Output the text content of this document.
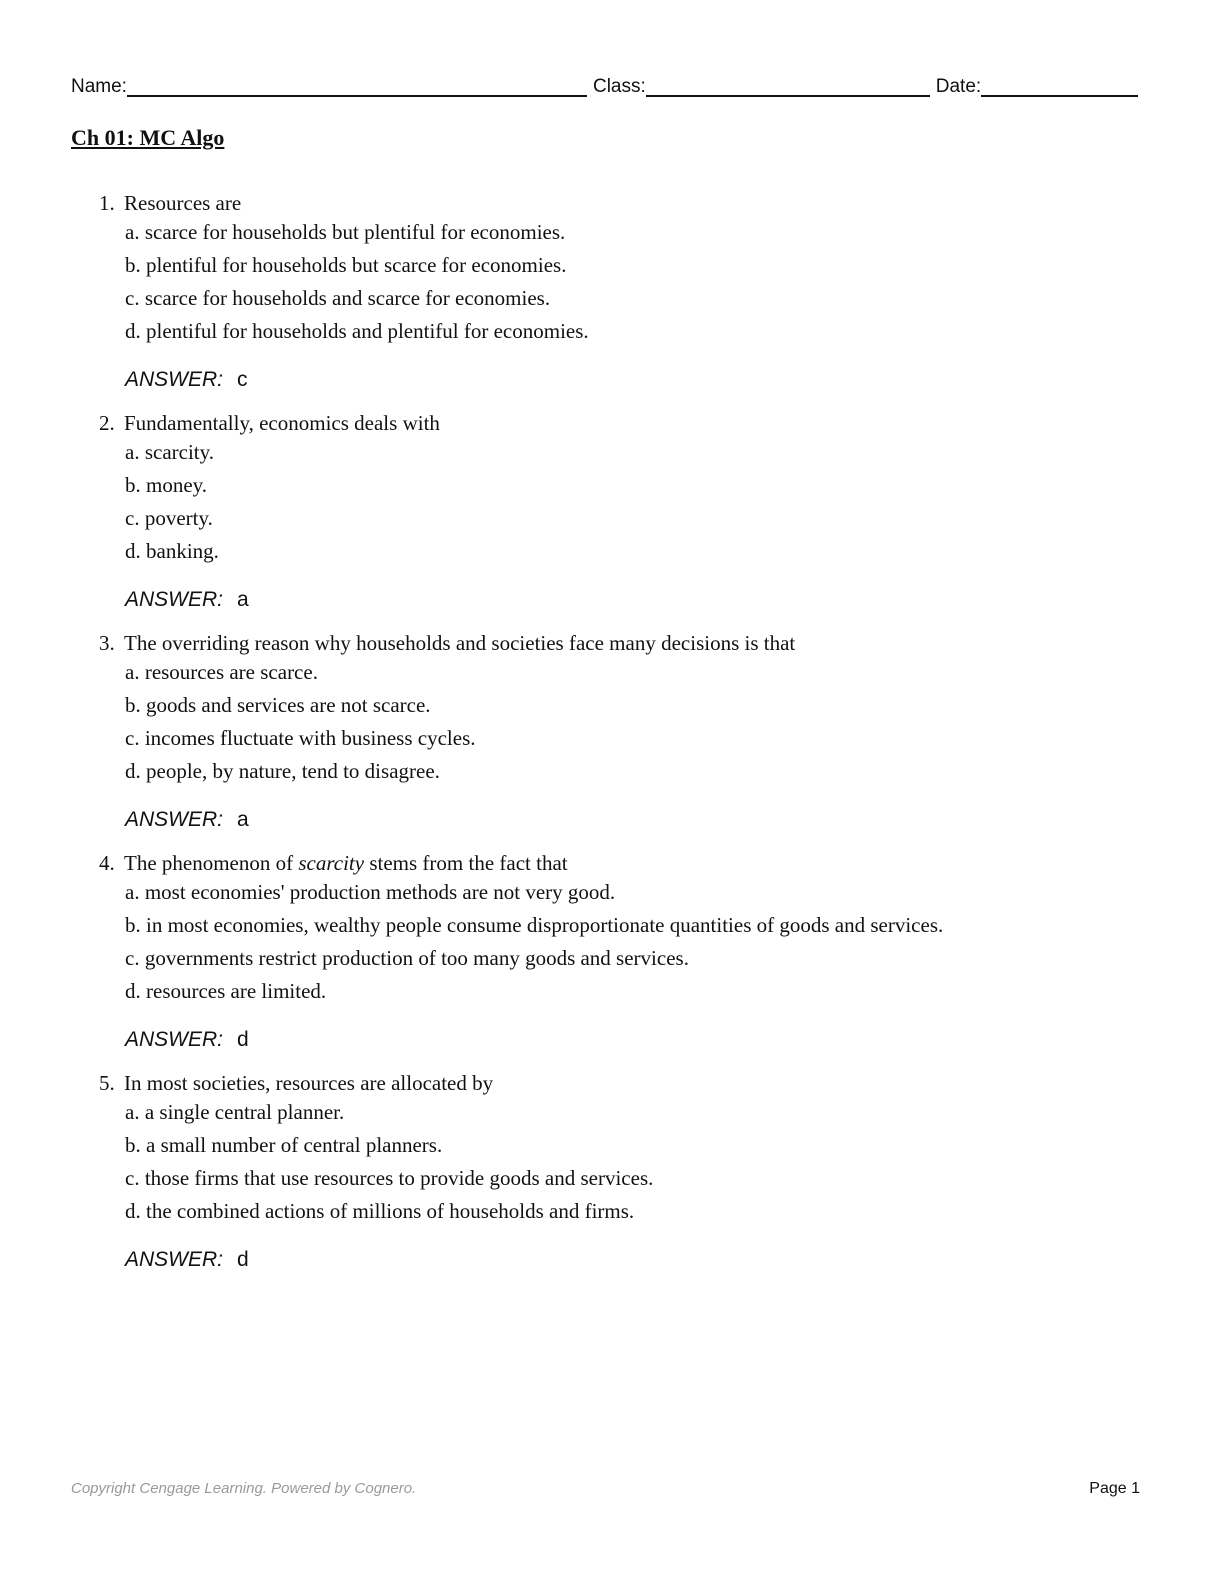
Name:	Class:	Date:
Ch 01: MC Algo
1. Resources are
a. scarce for households but plentiful for economies.
b. plentiful for households but scarce for economies.
c. scarce for households and scarce for economies.
d. plentiful for households and plentiful for economies.
ANSWER: c
2. Fundamentally, economics deals with
a. scarcity.
b. money.
c. poverty.
d. banking.
ANSWER: a
3. The overriding reason why households and societies face many decisions is that
a. resources are scarce.
b. goods and services are not scarce.
c. incomes fluctuate with business cycles.
d. people, by nature, tend to disagree.
ANSWER: a
4. The phenomenon of scarcity stems from the fact that
a. most economies' production methods are not very good.
b. in most economies, wealthy people consume disproportionate quantities of goods and services.
c. governments restrict production of too many goods and services.
d. resources are limited.
ANSWER: d
5. In most societies, resources are allocated by
a. a single central planner.
b. a small number of central planners.
c. those firms that use resources to provide goods and services.
d. the combined actions of millions of households and firms.
ANSWER: d
Copyright Cengage Learning. Powered by Cognero.	Page 1
